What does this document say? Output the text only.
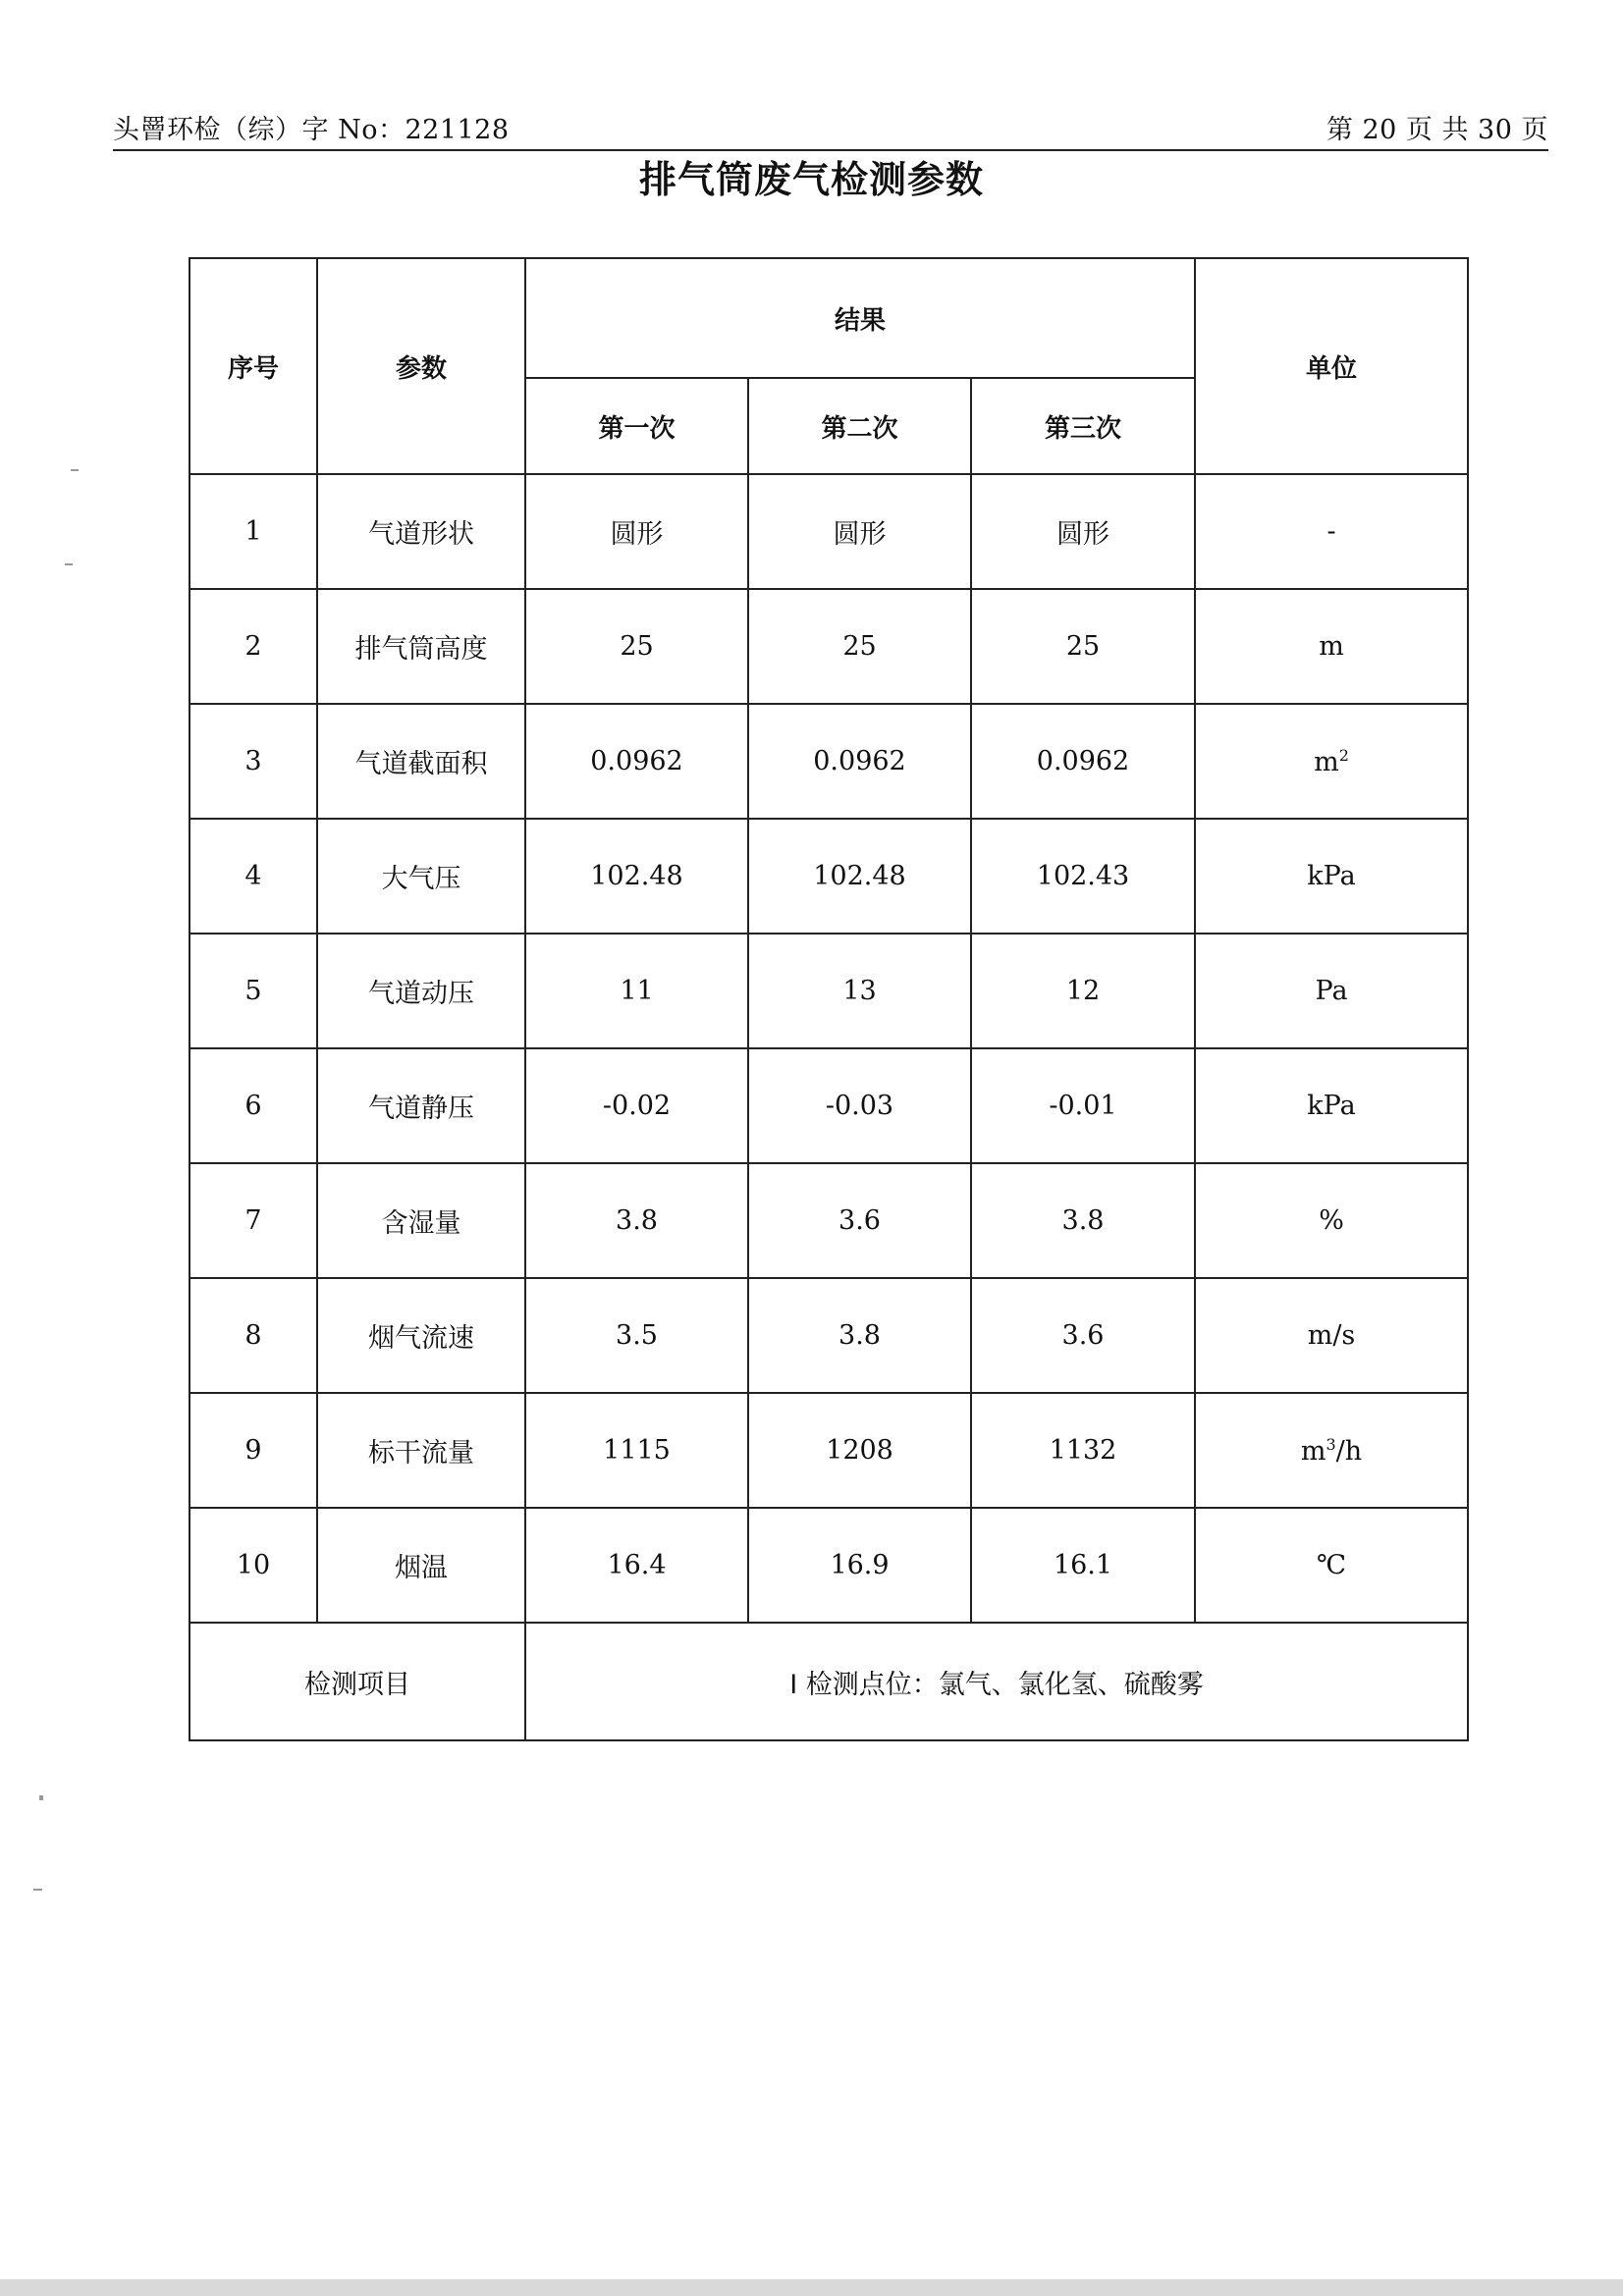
头罾环检（综）字 No：221128	第 20 页 共 30 页
排气筒废气检测参数
序号	参数	结果			单位
		第一次	第二次	第三次	
1	气道形状	圆形	圆形	圆形	-
2	排气筒高度	25	25	25	m
3	气道截面积	0.0962	0.0962	0.0962	$m^2$
4	大气压	102.48	102.48	102.43	kPa
5	气道动压	11	13	12	Pa
6	气道静压	-0.02	-0.03	-0.01	kPa
7	含湿量	3.8	3.6	3.8	%
8	烟气流速	3.5	3.8	3.6	m/s
9	标干流量	1115	1208	1132	$m^3/h$
10	烟温	16.4	16.9	16.1	℃
检测项目		I 检测点位：氯气、氯化氢、硫酸雾			
